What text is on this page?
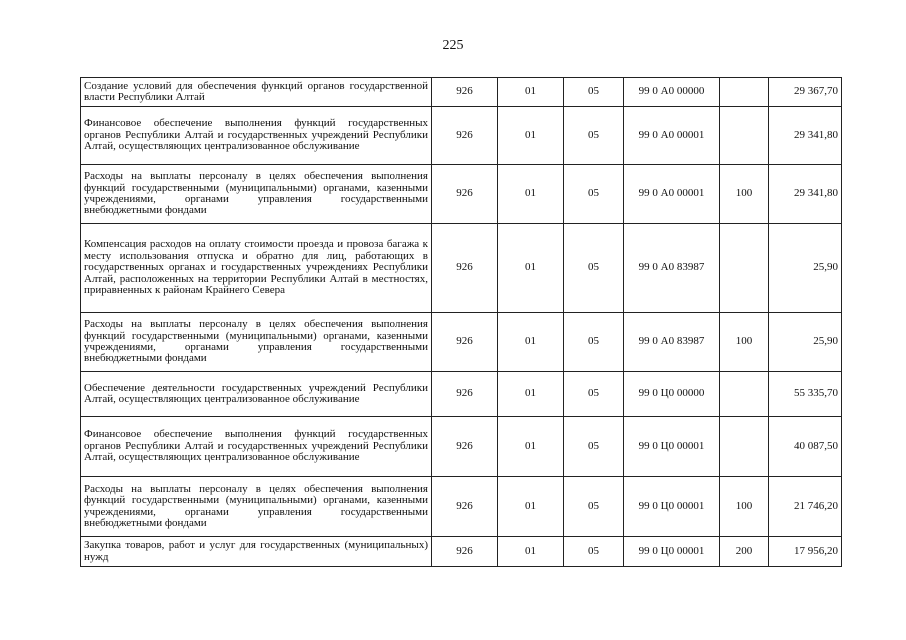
225
Создание условий для обеспечения функций органов государственной власти Республики Алтай	926	01	05	99 0 А0 00000		29 367,70
Финансовое обеспечение выполнения функций государственных органов Республики Алтай и государственных учреждений Республики Алтай, осуществляющих централизованное обслуживание	926	01	05	99 0 А0 00001		29 341,80
Расходы на выплаты персоналу в целях обеспечения выполнения функций государственными (муниципальными) органами, казенными учреждениями, органами управления государственными внебюджетными фондами	926	01	05	99 0 А0 00001	100	29 341,80
Компенсация расходов на оплату стоимости проезда и провоза багажа к месту использования отпуска и обратно для лиц, работающих в государственных органах и государственных учреждениях Республики Алтай, расположенных на территории Республики Алтай в местностях, приравненных к районам Крайнего Севера	926	01	05	99 0 А0 83987		25,90
Расходы на выплаты персоналу в целях обеспечения выполнения функций государственными (муниципальными) органами, казенными учреждениями, органами управления государственными внебюджетными фондами	926	01	05	99 0 А0 83987	100	25,90
Обеспечение деятельности государственных учреждений Республики Алтай, осуществляющих централизованное обслуживание	926	01	05	99 0 Ц0 00000		55 335,70
Финансовое обеспечение выполнения функций государственных органов Республики Алтай и государственных учреждений Республики Алтай, осуществляющих централизованное обслуживание	926	01	05	99 0 Ц0 00001		40 087,50
Расходы на выплаты персоналу в целях обеспечения выполнения функций государственными (муниципальными) органами, казенными учреждениями, органами управления государственными внебюджетными фондами	926	01	05	99 0 Ц0 00001	100	21 746,20
Закупка товаров, работ и услуг для государственных (муниципальных) нужд	926	01	05	99 0 Ц0 00001	200	17 956,20
